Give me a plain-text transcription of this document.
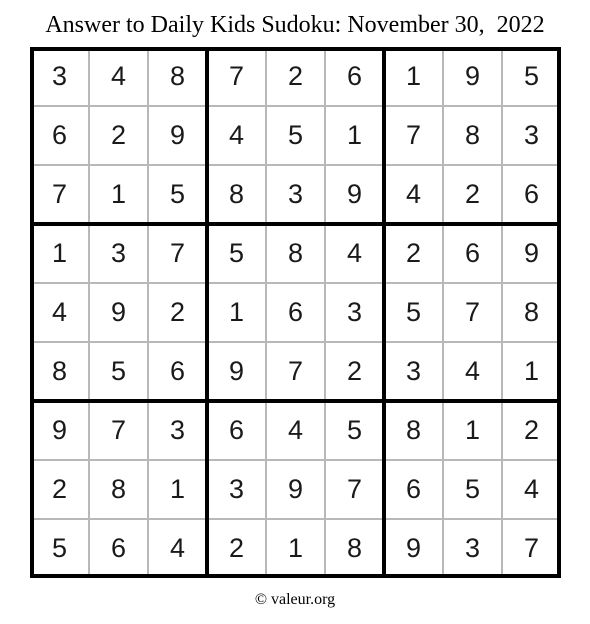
Answer to Daily Kids Sudoku: November 30,  2022
3	4	8	7	2	6	1	9	5
6	2	9	4	5	1	7	8	3
7	1	5	8	3	9	4	2	6
1	3	7	5	8	4	2	6	9
4	9	2	1	6	3	5	7	8
8	5	6	9	7	2	3	4	1
9	7	3	6	4	5	8	1	2
2	8	1	3	9	7	6	5	4
5	6	4	2	1	8	9	3	7
© valeur.org
